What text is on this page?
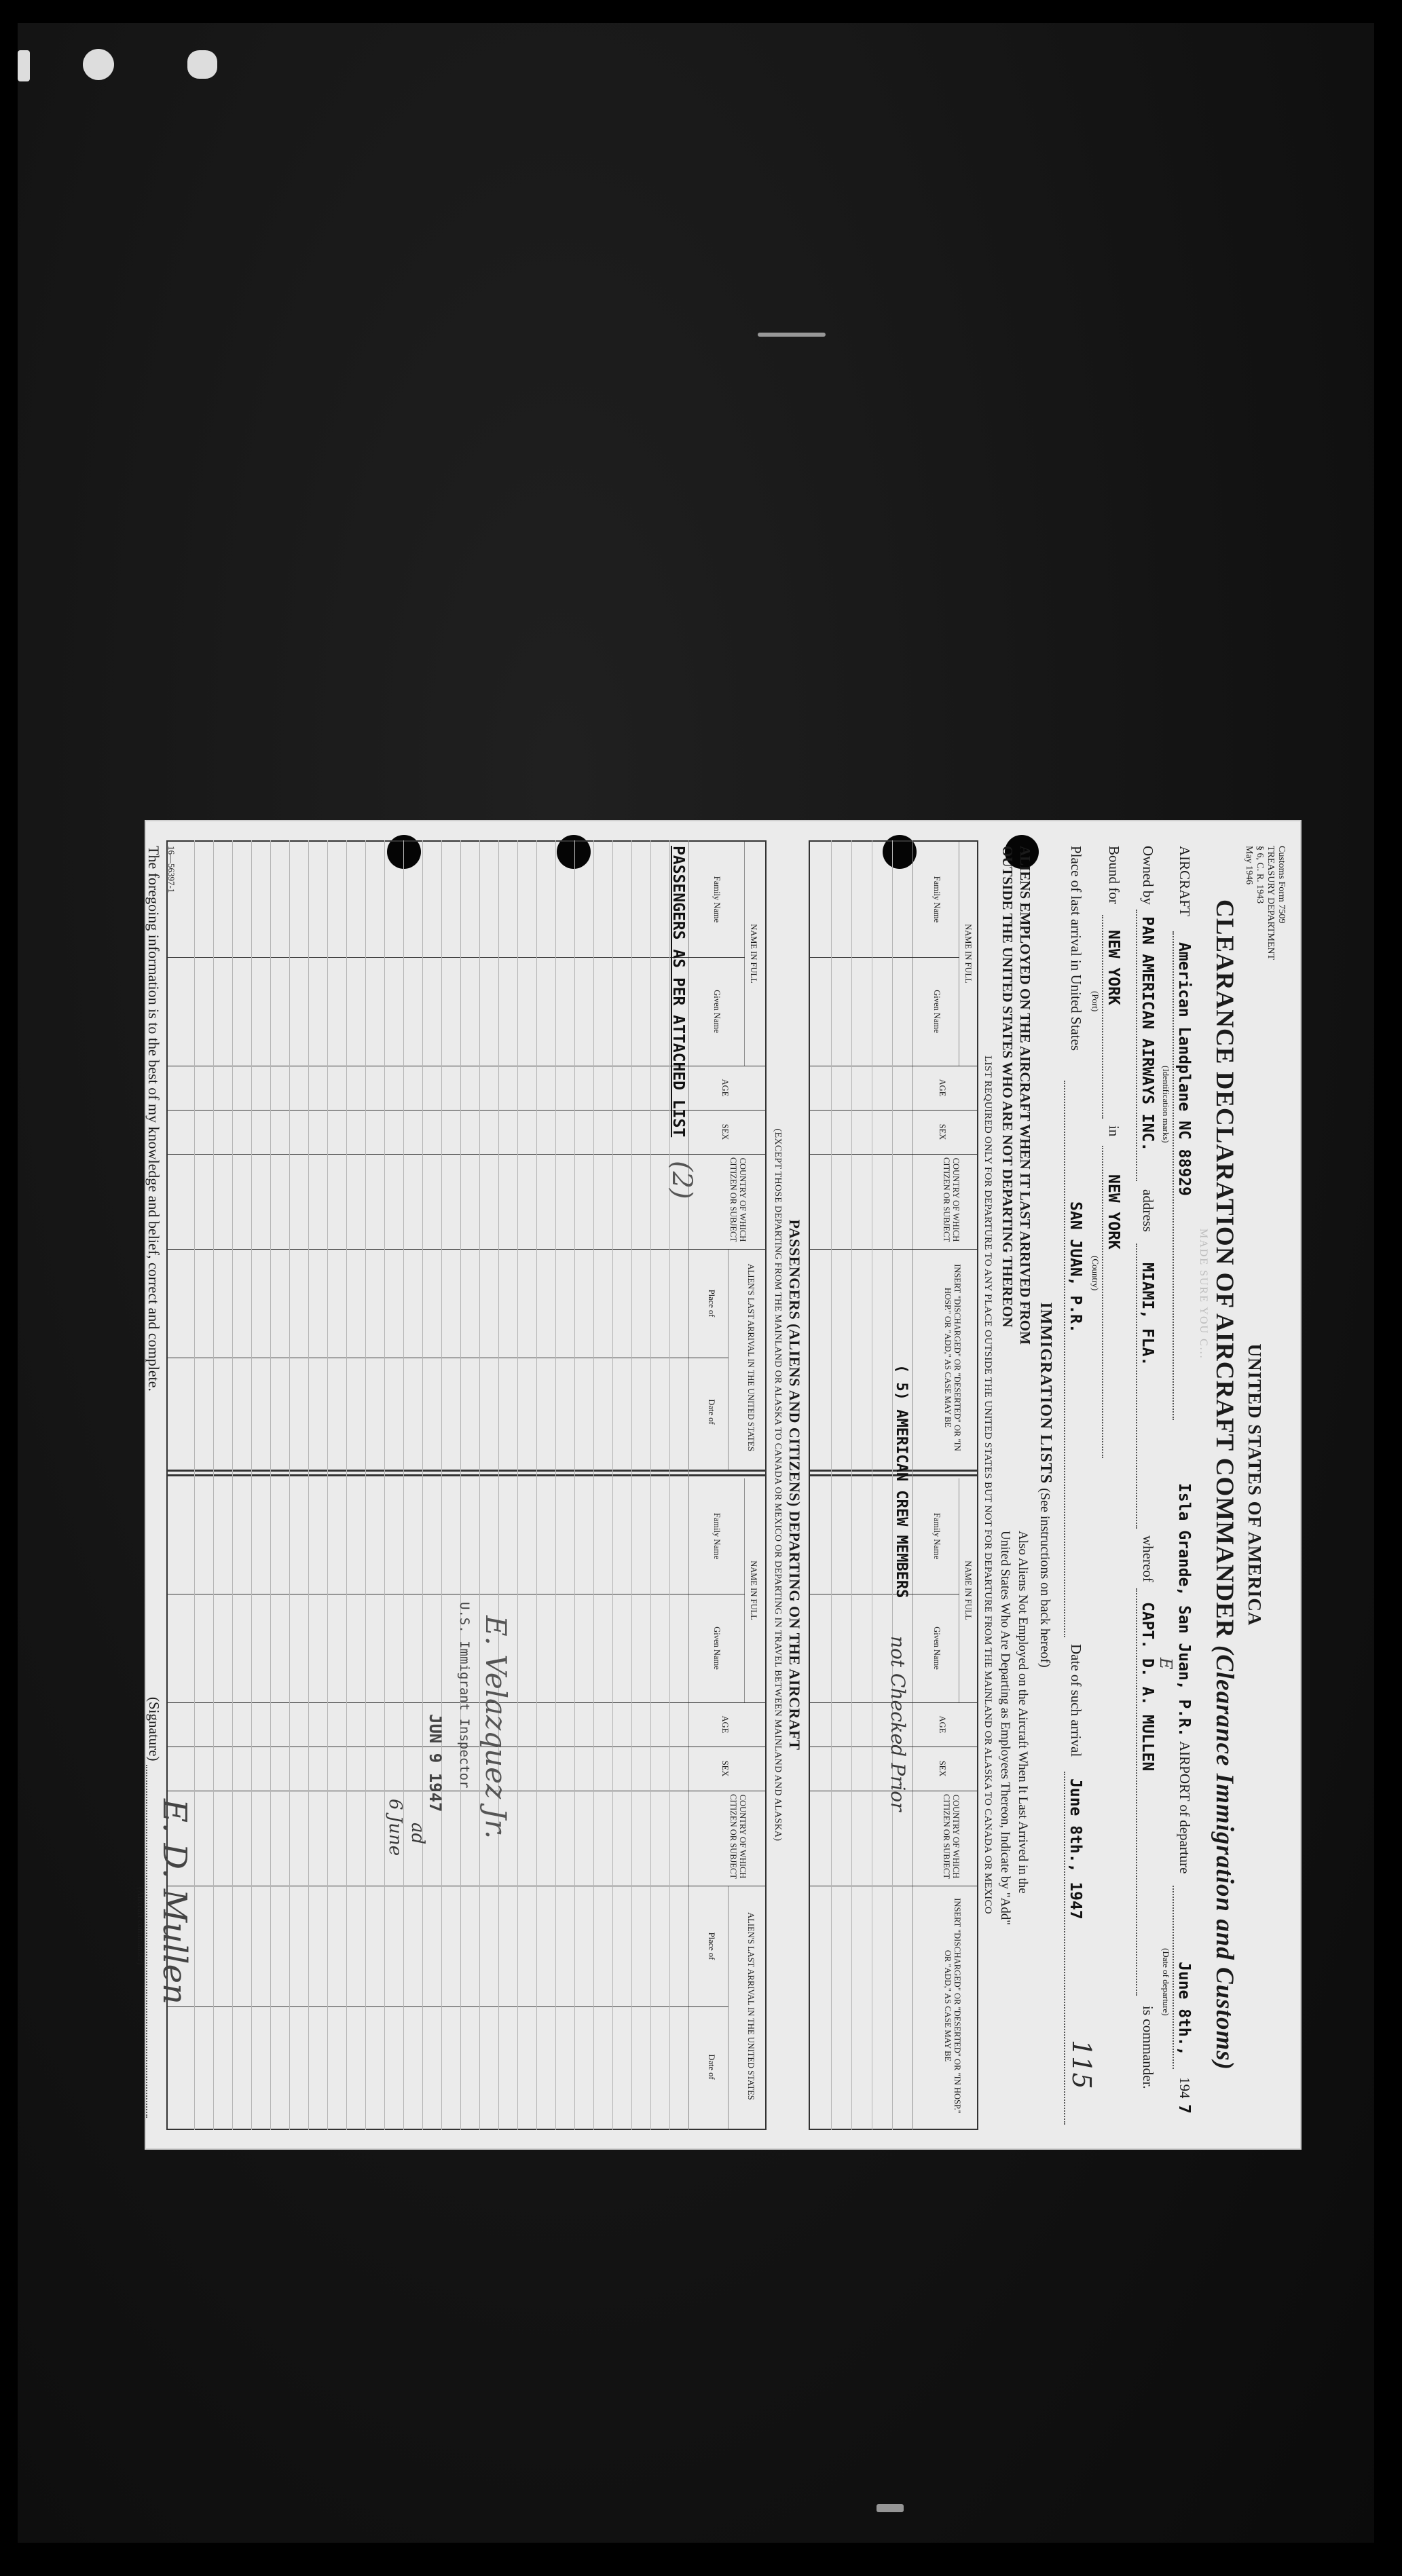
Customs Form 7509
TREASURY DEPARTMENT
§ 6, C. R. 1943
May 1946
UNITED STATES OF AMERICA
CLEARANCE DECLARATION OF AIRCRAFT COMMANDER (Clearance Immigration and Customs)
MADE SURE YOU C...
AIRCRAFT
American Landplane NC 88929
(Identification marks)
Isla Grande, San Juan, P.R.
AIRPORT of departure
June 8th.,
(Date of departure)
194
7
Owned by
PAN AMERICAN AIRWAYS INC.
address
MIAMI, FLA.
whereof
CAPT. D. A. MULLEN E
is commander.
Bound for
NEW YORK
(Port)
in
NEW YORK
(Country)
Place of last arrival in United States
SAN JUAN, P.R.
Date of such arrival
June 8th., 1947
115
IMMIGRATION LISTS (See instructions on back hereof)
ALIENS EMPLOYED ON THE AIRCRAFT WHEN IT LAST ARRIVED FROM
OUTSIDE THE UNITED STATES WHO ARE NOT DEPARTING THEREON
Also Aliens Not Employed on the Aircraft When It Last Arrived in the
United States Who Are Departing as Employees Thereon, Indicate by "Add"
LIST REQUIRED ONLY FOR DEPARTURE TO ANY PLACE OUTSIDE THE UNITED STATES BUT NOT FOR DEPARTURE FROM THE MAINLAND OR ALASKA TO CANADA OR MEXICO
NAME IN FULL
Family Name
Given Name
AGE
SEX
COUNTRY OF WHICH CITIZEN OR SUBJECT
INSERT "DISCHARGED" OR "DESERTED" OR "IN HOSP." OR "ADD," AS CASE MAY BE
NAME IN FULL
Family Name
Given Name
AGE
SEX
COUNTRY OF WHICH CITIZEN OR SUBJECT
INSERT "DISCHARGED" OR "DESERTED" OR "IN HOSP." OR "ADD," AS CASE MAY BE
( 5) AMERICAN CREW MEMBERS
not Checked Prior
PASSENGERS (ALIENS AND CITIZENS) DEPARTING ON THE AIRCRAFT
(EXCEPT THOSE DEPARTING FROM THE MAINLAND OR ALASKA TO CANADA OR MEXICO OR DEPARTING IN TRAVEL BETWEEN MAINLAND AND ALASKA)
NAME IN FULL
Family Name
Given Name
AGE
SEX
COUNTRY OF WHICH CITIZEN OR SUBJECT
ALIEN'S LAST ARRIVAL IN THE UNITED STATES
Place of
Date of
NAME IN FULL
Family Name
Given Name
AGE
SEX
COUNTRY OF WHICH CITIZEN OR SUBJECT
ALIEN'S LAST ARRIVAL IN THE UNITED STATES
Place of
Date of
PASSENGERS AS PER ATTACHED LIST
(2)
E. Velazquez Jr.
U.S. Immigrant Inspector
JUN 9 1947
ad
6 June
The foregoing information is to the best of my knowledge and belief, correct and complete.
(Signature)
E. D. Mullen
(Aircraft commander)
16—56397-1
